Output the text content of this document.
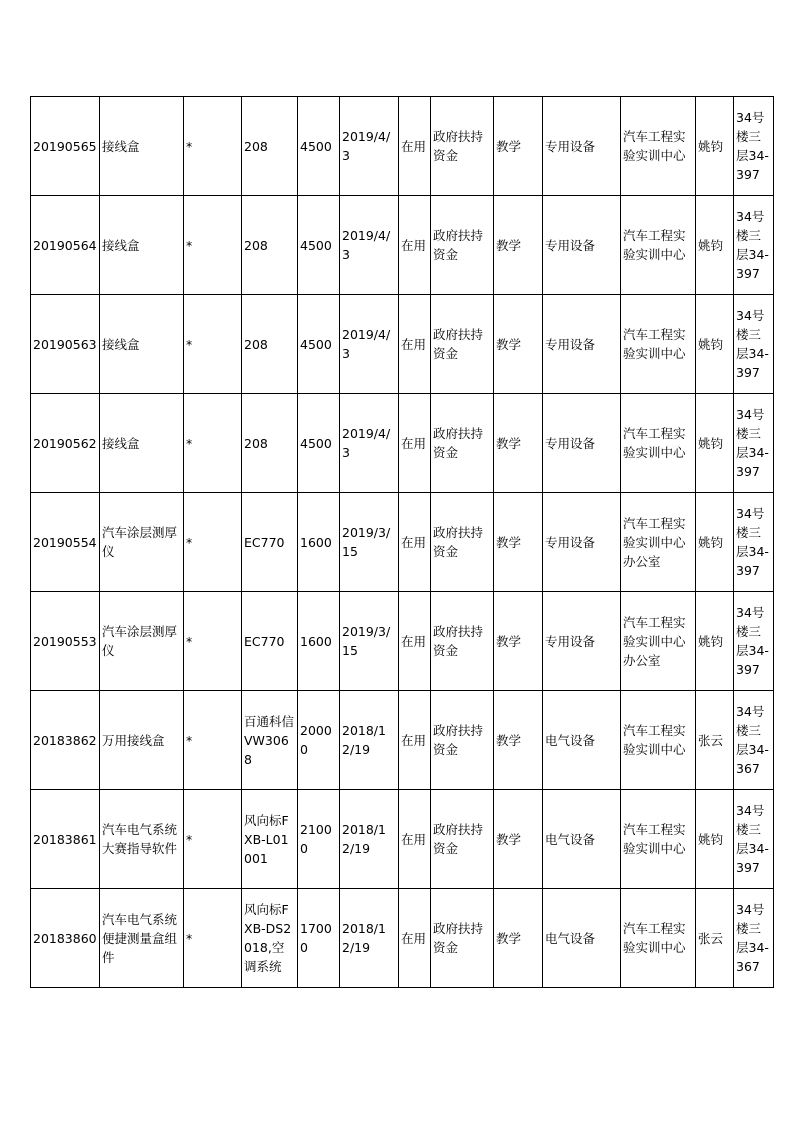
20190565	接线盒	*	208	4500	2019/4/3	在用	政府扶持资金	教学	专用设备	汽车工程实验实训中心	姚钧	34号楼三层34-397
20190564	接线盒	*	208	4500	2019/4/3	在用	政府扶持资金	教学	专用设备	汽车工程实验实训中心	姚钧	34号楼三层34-397
20190563	接线盒	*	208	4500	2019/4/3	在用	政府扶持资金	教学	专用设备	汽车工程实验实训中心	姚钧	34号楼三层34-397
20190562	接线盒	*	208	4500	2019/4/3	在用	政府扶持资金	教学	专用设备	汽车工程实验实训中心	姚钧	34号楼三层34-397
20190554	汽车涂层测厚仪	*	EC770	1600	2019/3/15	在用	政府扶持资金	教学	专用设备	汽车工程实验实训中心办公室	姚钧	34号楼三层34-397
20190553	汽车涂层测厚仪	*	EC770	1600	2019/3/15	在用	政府扶持资金	教学	专用设备	汽车工程实验实训中心办公室	姚钧	34号楼三层34-397
20183862	万用接线盒	*	百通科信VW3068	20000	2018/12/19	在用	政府扶持资金	教学	电气设备	汽车工程实验实训中心	张云	34号楼三层34-367
20183861	汽车电气系统大赛指导软件	*	风向标FXB-L01001	21000	2018/12/19	在用	政府扶持资金	教学	电气设备	汽车工程实验实训中心	姚钧	34号楼三层34-397
20183860	汽车电气系统便捷测量盒组件	*	风向标FXB-DS2018,空调系统	17000	2018/12/19	在用	政府扶持资金	教学	电气设备	汽车工程实验实训中心	张云	34号楼三层34-367
